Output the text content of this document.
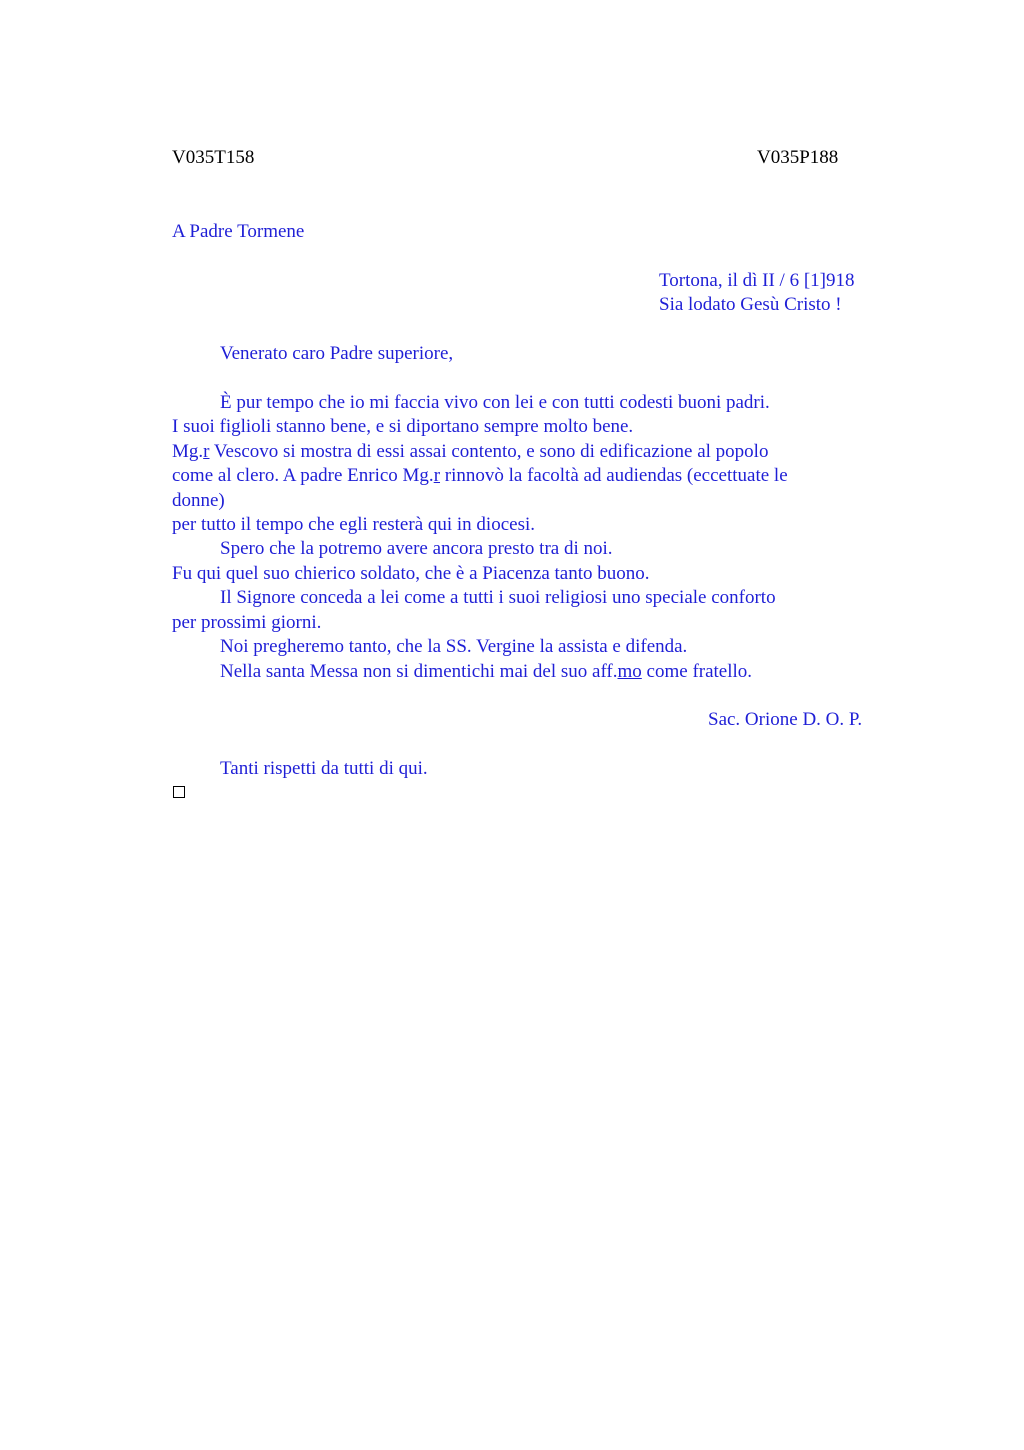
V035T158	V035P188
A Padre Tormene
Tortona, il dì II / 6 [1]918
Sia lodato Gesù Cristo !
Venerato caro Padre superiore,
È pur tempo che io mi faccia vivo con lei e con tutti codesti buoni padri.
I suoi figlioli stanno bene, e si diportano sempre molto bene.
Mg.r Vescovo si mostra di essi assai contento, e sono di edificazione al popolo
come al clero. A padre Enrico Mg.r rinnovò la facoltà ad audiendas (eccettuate le
donne)
per tutto il tempo che egli resterà qui in diocesi.
Spero che la potremo avere ancora presto tra di noi.
Fu qui quel suo chierico soldato, che è a Piacenza tanto buono.
Il Signore conceda a lei come a tutti i suoi religiosi uno speciale conforto
per prossimi giorni.
Noi pregheremo tanto, che la SS. Vergine la assista e difenda.
Nella santa Messa non si dimentichi mai del suo aff.mo come fratello.
Sac. Orione D. O. P.
Tanti rispetti da tutti di qui.
